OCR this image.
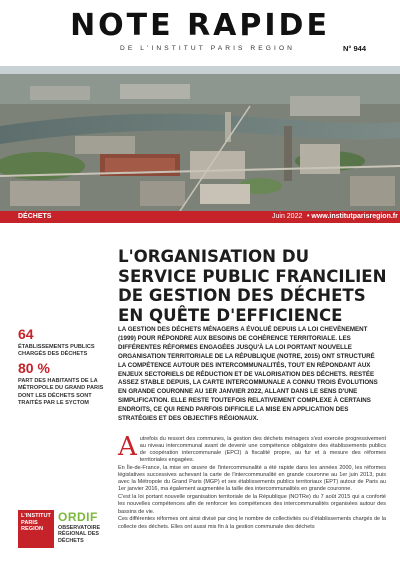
NOTE RAPIDE
DE L'INSTITUT PARIS REGION	N° 944
DÉCHETS	Juin 2022 • www.institutparisregion.fr
L'ORGANISATION DU SERVICE PUBLIC FRANCILIEN DE GESTION DES DÉCHETS EN QUÊTE D'EFFICIENCE
64
ÉTABLISSEMENTS PUBLICS CHARGÉS DES DÉCHETS
80 %
PART DES HABITANTS DE LA MÉTROPOLE DU GRAND PARIS DONT LES DÉCHETS SONT TRAITÉS PAR LE SYCTOM
LA GESTION DES DÉCHETS MÉNAGERS A ÉVOLUÉ DEPUIS LA LOI CHEVÈNEMENT (1999) POUR RÉPONDRE AUX BESOINS DE COHÉRENCE TERRITORIALE. LES DIFFÉRENTES RÉFORMES ENGAGÉES JUSQU'À LA LOI PORTANT NOUVELLE ORGANISATION TERRITORIALE DE LA RÉPUBLIQUE (NOTRE, 2015) ONT STRUCTURÉ LA COMPÉTENCE AUTOUR DES INTERCOMMUNALITÉS, TOUT EN RÉPONDANT AUX ENJEUX SECTORIELS DE RÉDUCTION ET DE VALORISATION DES DÉCHETS. RESTÉE ASSEZ STABLE DEPUIS, LA CARTE INTERCOMMUNALE A CONNU TROIS ÉVOLUTIONS EN GRANDE COURONNE AU 1ER JANVIER 2022, ALLANT DANS LE SENS D'UNE SIMPLIFICATION. ELLE RESTE TOUTEFOIS RELATIVEMENT COMPLEXE À CERTAINS ENDROITS, CE QUI REND PARFOIS DIFFICILE LA MISE EN APPLICATION DES STRATÉGIES ET DES OBJECTIFS RÉGIONAUX.

Autrefois du ressort des communes, la gestion des déchets ménagers s'est exercée progressivement au niveau intercommunal avant de devenir une compétence obligatoire des établissements publics de coopération intercommunale (EPCI) à fiscalité propre, au fur et à mesure des réformes territoriales engagées.

En Île-de-France, la mise en œuvre de l'intercommunalité a été rapide dans les années 2000, les réformes législatives successives achevant la carte de l'intercommunalité en grande couronne au 1er juin 2013, puis avec la Métropole du Grand Paris (MGP) et ses établissements publics territoriaux (EPT) autour de Paris au 1er janvier 2016, ma également augmentée la taille des intercommunalités en grande couronne.

C'est la loi portant nouvelle organisation territoriale de la République (NOTRe) du 7 août 2015 qui a conforté les nouvelles compétences afin de renforcer les compétences des intercommunalités organisées autour des bassins de vie.

Ces différentes réformes ont ainsi divisé par cinq le nombre de collectivités ou d'établissements chargés de la collecte des déchets. Elles ont aussi mis fin à la gestion communale des déchets

L'INSTITUT
PARIS
REGION
ORDIF
OBSERVATOIRE RÉGIONAL DES DÉCHETS
